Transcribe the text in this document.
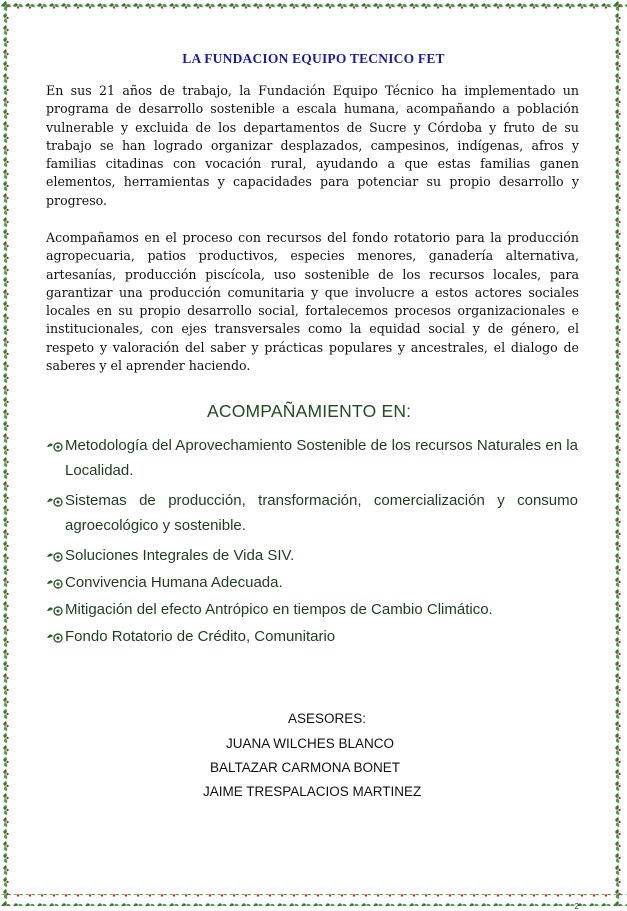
LA FUNDACION EQUIPO TECNICO FET

En sus 21 años de trabajo, la Fundación Equipo Técnico ha implementado un programa de desarrollo sostenible a escala humana, acompañando a población vulnerable y excluida de los departamentos de Sucre y Córdoba y fruto de su trabajo se han logrado organizar desplazados, campesinos, indígenas, afros y familias citadinas con vocación rural, ayudando a que estas familias ganen elementos, herramientas y capacidades para potenciar su propio desarrollo y progreso.

Acompañamos en el proceso con recursos del fondo rotatorio para la producción agropecuaria, patios productivos, especies menores, ganadería alternativa, artesanías, producción piscícola, uso sostenible de los recursos locales, para garantizar una producción comunitaria y que involucre a estos actores sociales locales en su propio desarrollo social, fortalecemos procesos organizacionales e institucionales, con ejes transversales como la equidad social y de género, el respeto y valoración del saber y prácticas populares y ancestrales, el dialogo de saberes y el aprender haciendo.

ACOMPAÑAMIENTO EN:
Metodología del Aprovechamiento Sostenible de los recursos Naturales en la Localidad.
Sistemas de producción, transformación, comercialización y consumo agroecológico y sostenible.
Soluciones Integrales de Vida SIV.
Convivencia Humana Adecuada.
Mitigación del efecto Antrópico en tiempos de Cambio Climático.
Fondo Rotatorio de Crédito, Comunitario
ASESORES:
JUANA WILCHES BLANCO
BALTAZAR CARMONA BONET
JAIME TRESPALACIOS MARTINEZ
2
